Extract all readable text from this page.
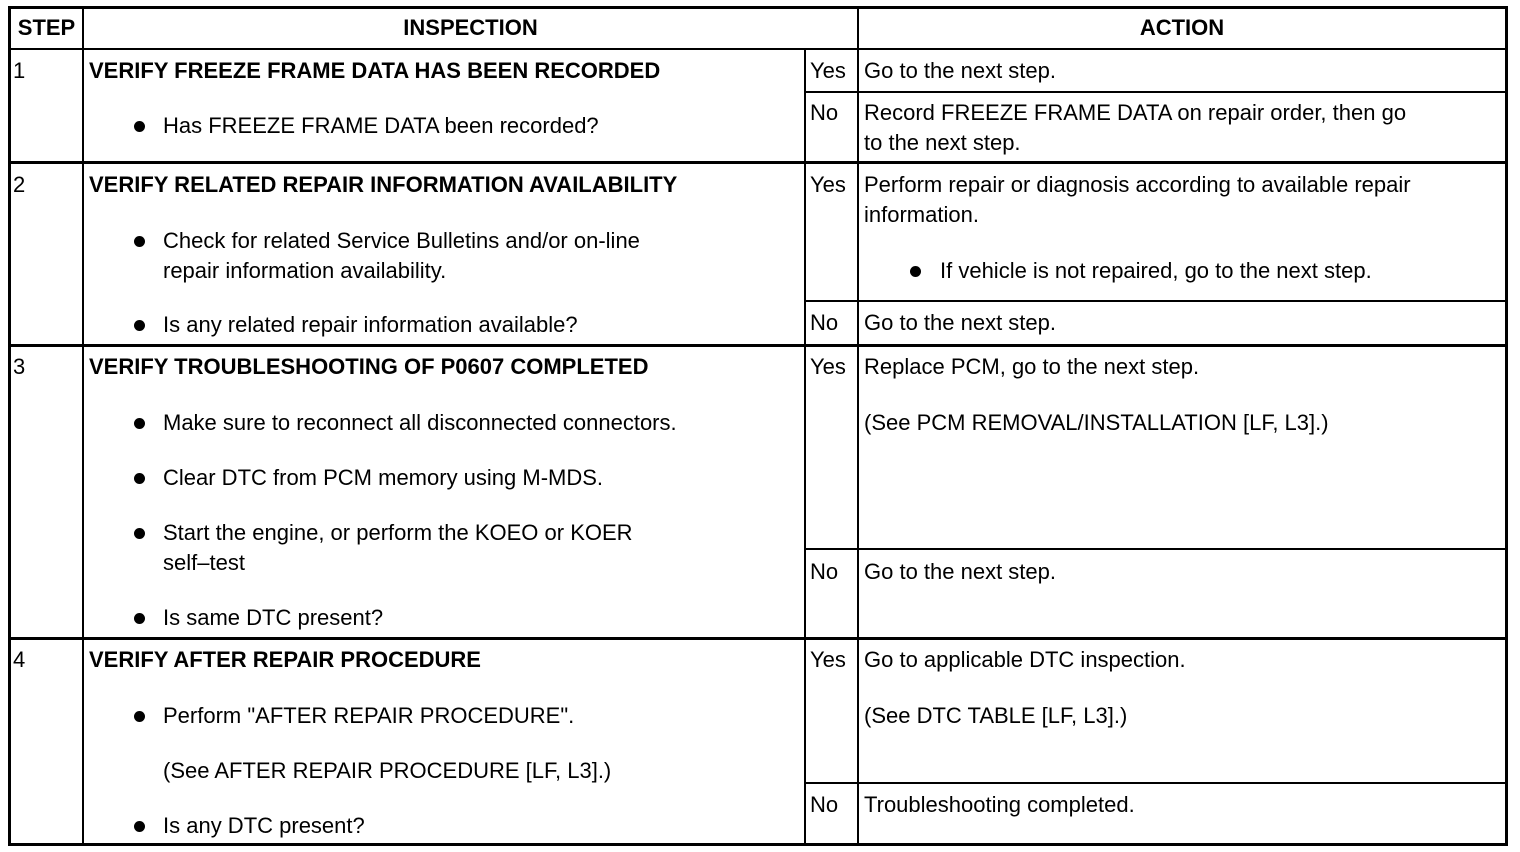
STEP	INSPECTION	ACTION
1	VERIFY FREEZE FRAME DATA HAS BEEN RECORDED
Has FREEZE FRAME DATA been recorded?
Yes Go to the next step.
No Record FREEZE FRAME DATA on repair order, then go
to the next step.
2	VERIFY RELATED REPAIR INFORMATION AVAILABILITY
Check for related Service Bulletins and/or on-line
repair information availability.
Is any related repair information available?
Yes Perform repair or diagnosis according to available repair
information.
If vehicle is not repaired, go to the next step.
No Go to the next step.
3	VERIFY TROUBLESHOOTING OF P0607 COMPLETED
Make sure to reconnect all disconnected connectors.
Clear DTC from PCM memory using M-MDS.
Start the engine, or perform the KOEO or KOER
self–test
Is same DTC present?
Yes Replace PCM, go to the next step.
(See PCM REMOVAL/INSTALLATION [LF, L3].)
No Go to the next step.
4	VERIFY AFTER REPAIR PROCEDURE
Perform "AFTER REPAIR PROCEDURE".
(See AFTER REPAIR PROCEDURE [LF, L3].)
Is any DTC present?
Yes Go to applicable DTC inspection.
(See DTC TABLE [LF, L3].)
No Troubleshooting completed.
